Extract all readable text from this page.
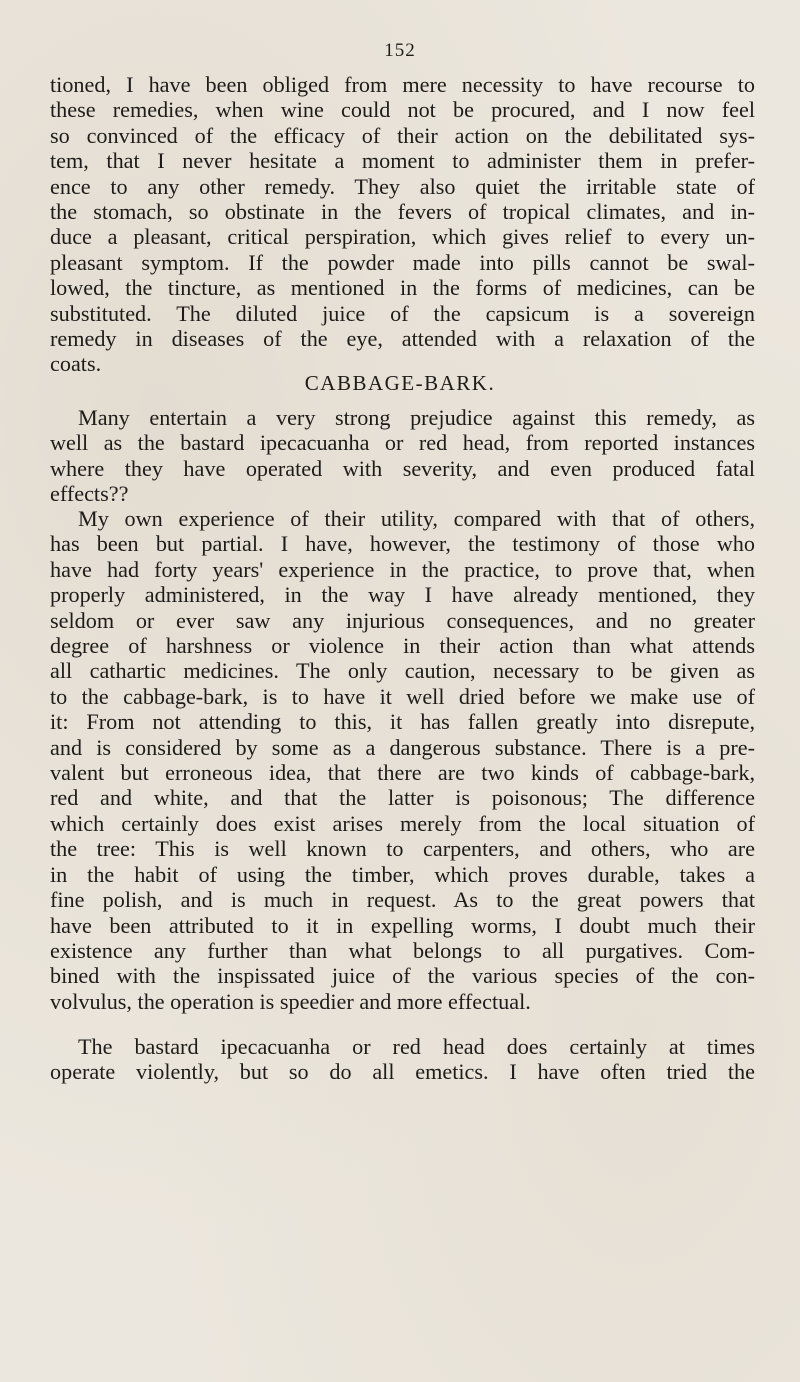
152
tioned, I have been obliged from mere necessity to have recourse to
these remedies, when wine could not be procured, and I now feel
so convinced of the efficacy of their action on the debilitated sys-
tem, that I never hesitate a moment to administer them in prefer-
ence to any other remedy. They also quiet the irritable state of
the stomach, so obstinate in the fevers of tropical climates, and in-
duce a pleasant, critical perspiration, which gives relief to every un-
pleasant symptom. If the powder made into pills cannot be swal-
lowed, the tincture, as mentioned in the forms of medicines, can be
substituted. The diluted juice of the capsicum is a sovereign
remedy in diseases of the eye, attended with a relaxation of the
coats.
CABBAGE-BARK.
Many entertain a very strong prejudice against this remedy, as
well as the bastard ipecacuanha or red head, from reported instances
where they have operated with severity, and even produced fatal
effects??
My own experience of their utility, compared with that of others,
has been but partial. I have, however, the testimony of those who
have had forty years' experience in the practice, to prove that, when
properly administered, in the way I have already mentioned, they
seldom or ever saw any injurious consequences, and no greater
degree of harshness or violence in their action than what attends
all cathartic medicines. The only caution, necessary to be given as
to the cabbage-bark, is to have it well dried before we make use of
it: From not attending to this, it has fallen greatly into disrepute,
and is considered by some as a dangerous substance. There is a pre-
valent but erroneous idea, that there are two kinds of cabbage-bark,
red and white, and that the latter is poisonous; The difference
which certainly does exist arises merely from the local situation of
the tree: This is well known to carpenters, and others, who are
in the habit of using the timber, which proves durable, takes a
fine polish, and is much in request. As to the great powers that
have been attributed to it in expelling worms, I doubt much their
existence any further than what belongs to all purgatives. Com-
bined with the inspissated juice of the various species of the con-
volvulus, the operation is speedier and more effectual.
The bastard ipecacuanha or red head does certainly at times
operate violently, but so do all emetics. I have often tried the
